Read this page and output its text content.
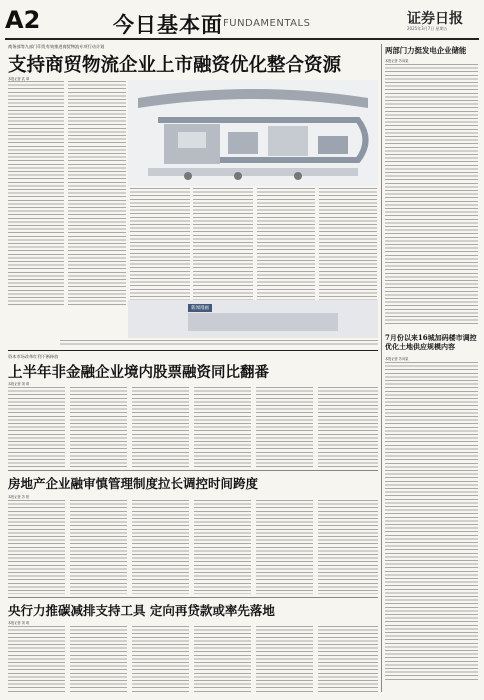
A2	今日基本面 FUNDAMENTALS	证券日报
2025年3月7日 星期五
商务部等九部门印发有效推进商贸物流专项行动计划
支持商贸物流企业上市融资优化整合资源
本报记者 武 翠
新闻漫画
两部门力挺发电企业储能
本报记者 苏向杲
7月份以来16城加码楼市调控 优化土地供应规模内容
本报记者 苏向杲
资本市场改革红利不断释放
上半年非金融企业境内股票融资同比翻番
本报记者 刘 琪
房地产企业融审慎管理制度拉长调控时间跨度
本报记者 苏 阳
央行力推碳减排支持工具 定向再贷款或率先落地
本报记者 刘 琪
